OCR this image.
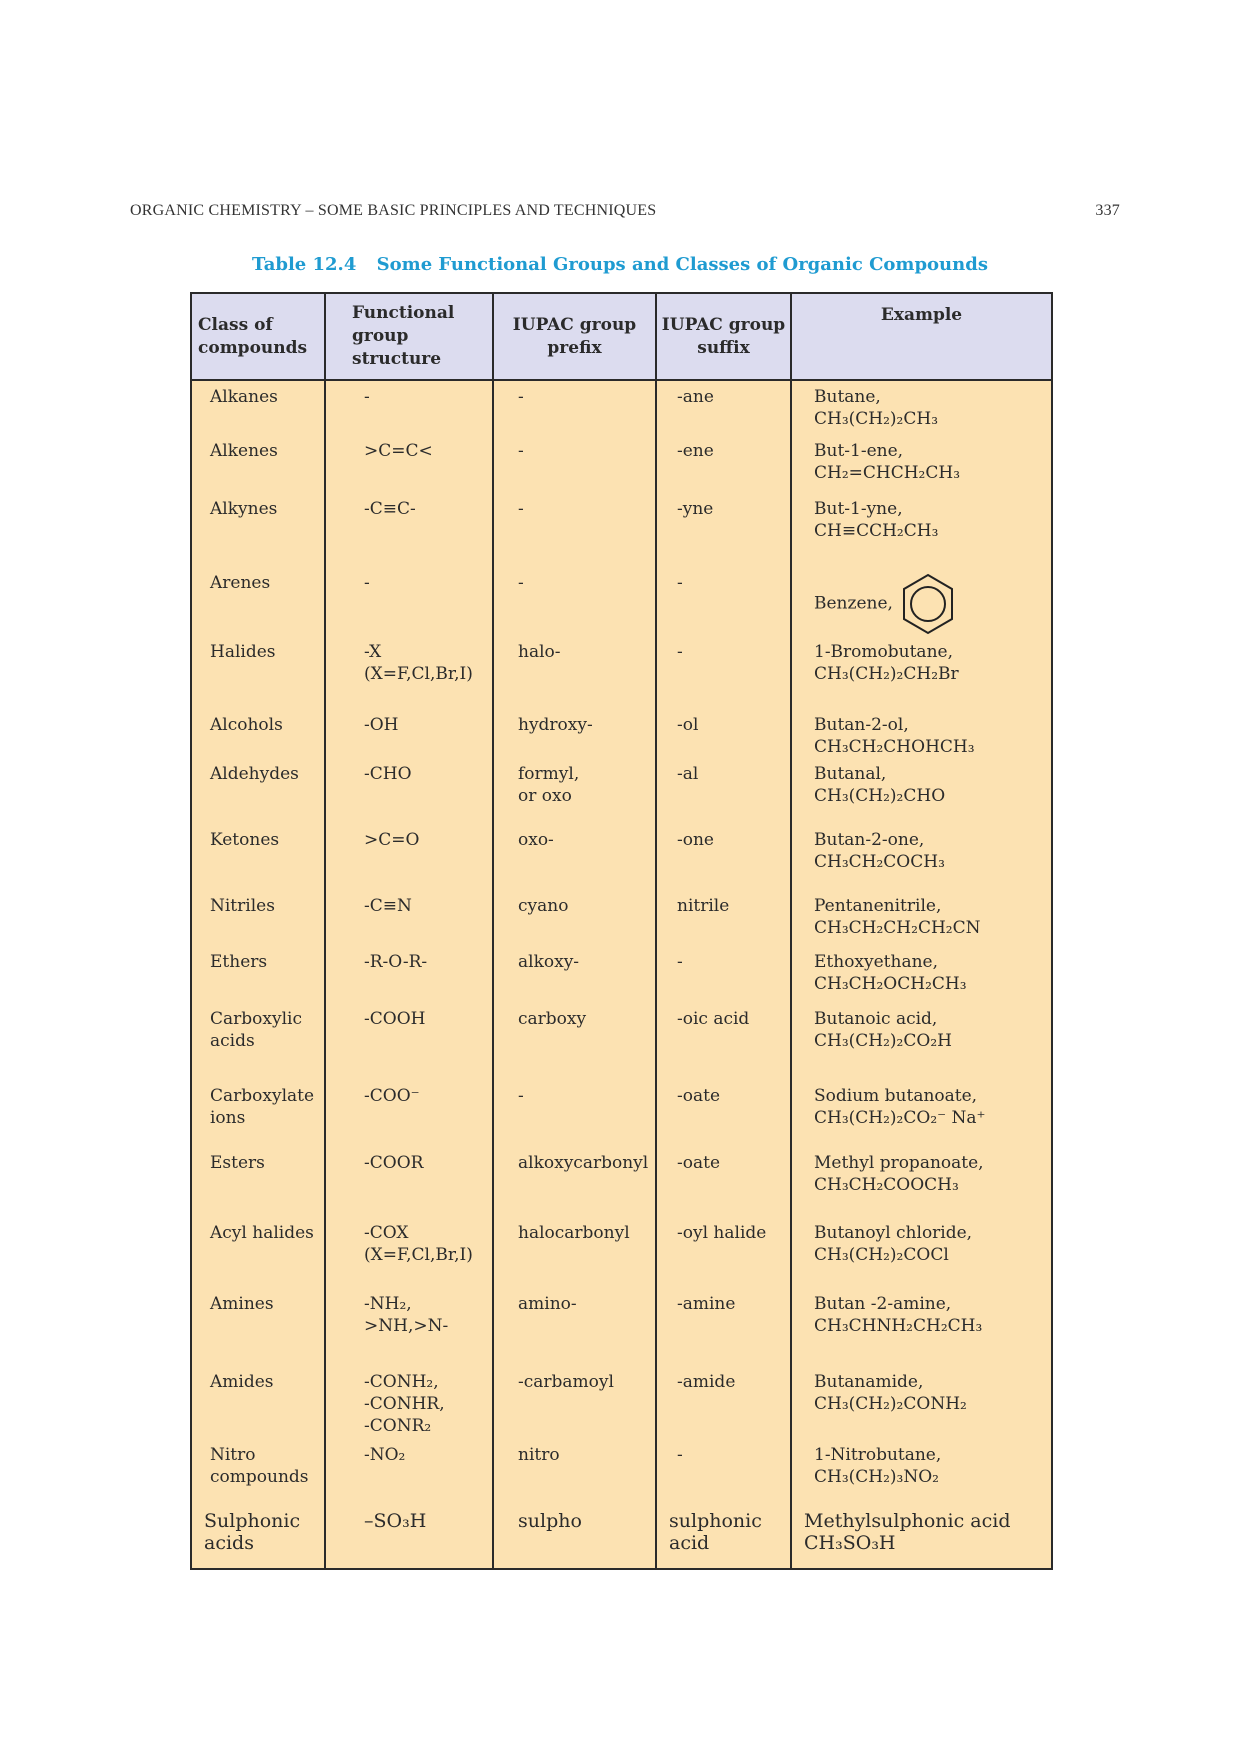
ORGANIC CHEMISTRY – SOME BASIC PRINCIPLES AND TECHNIQUES	337
Table 12.4 Some Functional Groups and Classes of Organic Compounds
Class of compounds	Functional group structure	IUPAC group prefix	IUPAC group suffix	Example
Alkanes	-	-	-ane	Butane,
CH₃(CH₂)₂CH₃
Alkenes	>C=C<	-	-ene	But-1-ene,
CH₂=CHCH₂CH₃
Alkynes	-C≡C-	-	-yne	But-1-yne,
CH≡CCH₂CH₃
Arenes	-	-	-	Benzene,
Halides	-X
(X=F,Cl,Br,I)	halo-	-	1-Bromobutane,
CH₃(CH₂)₂CH₂Br
Alcohols	-OH	hydroxy-	-ol	Butan-2-ol,
CH₃CH₂CHOHCH₃
Aldehydes	-CHO	formyl,
or oxo	-al	Butanal,
CH₃(CH₂)₂CHO
Ketones	>C=O	oxo-	-one	Butan-2-one,
CH₃CH₂COCH₃
Nitriles	-C≡N	cyano	nitrile	Pentanenitrile,
CH₃CH₂CH₂CH₂CN
Ethers	-R-O-R-	alkoxy-	-	Ethoxyethane,
CH₃CH₂OCH₂CH₃
Carboxylic
acids	-COOH	carboxy	-oic acid	Butanoic acid,
CH₃(CH₂)₂CO₂H
Carboxylate
ions	-COO⁻	-	-oate	Sodium butanoate,
CH₃(CH₂)₂CO₂⁻ Na⁺
Esters	-COOR	alkoxycarbonyl	-oate	Methyl propanoate,
CH₃CH₂COOCH₃
Acyl halides	-COX
(X=F,Cl,Br,I)	halocarbonyl	-oyl halide	Butanoyl chloride,
CH₃(CH₂)₂COCl
Amines	-NH₂,
>NH,>N-	amino-	-amine	Butan -2-amine,
CH₃CHNH₂CH₂CH₃
Amides	-CONH₂,
-CONHR,
-CONR₂	-carbamoyl	-amide	Butanamide,
CH₃(CH₂)₂CONH₂
Nitro
compounds	-NO₂	nitro	-	1-Nitrobutane,
CH₃(CH₂)₃NO₂
Sulphonic
acids	–SO₃H	sulpho	sulphonic
acid	Methylsulphonic acid
CH₃SO₃H
